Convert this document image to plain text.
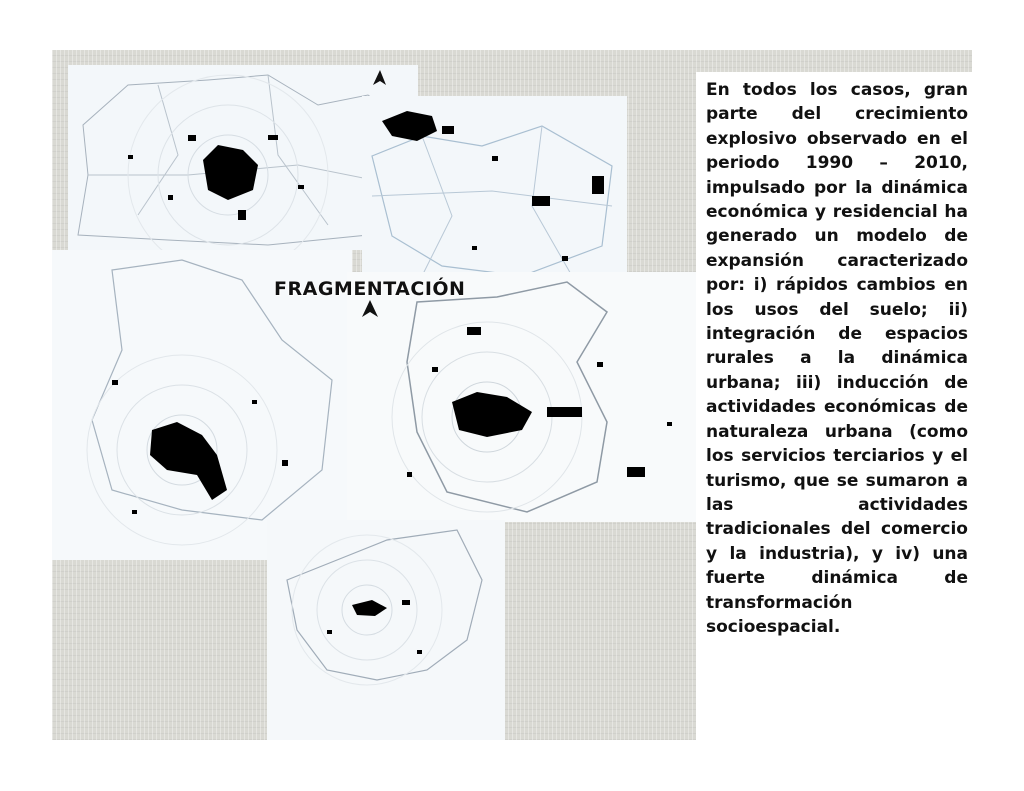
FRAGMENTACIÓN

En todos los casos, gran parte del crecimiento explosivo observado en el periodo 1990 – 2010, impulsado por la dinámica económica y residencial ha generado un modelo de expansión caracterizado por: i) rápidos cambios en los usos del suelo; ii) integración de espacios rurales a la dinámica urbana; iii) inducción de actividades económicas de naturaleza urbana (como los servicios terciarios y el turismo, que se sumaron a las actividades tradicionales del comercio y la industria), y iv) una fuerte dinámica de transformación socioespacial.
